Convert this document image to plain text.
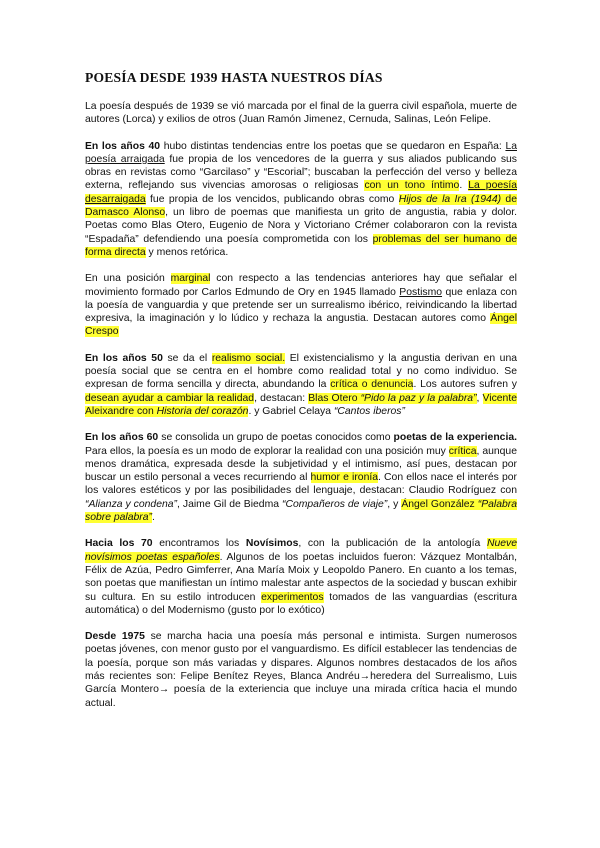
POESÍA DESDE 1939 HASTA NUESTROS DÍAS

La poesía después de 1939 se vió marcada por el final de la guerra civil española, muerte de autores (Lorca) y exilios de otros (Juan Ramón Jimenez, Cernuda, Salinas, León Felipe.

En los años 40 hubo distintas tendencias entre los poetas que se quedaron en España: La poesía arraigada fue propia de los vencedores de la guerra y sus aliados publicando sus obras en revistas como “Garcilaso” y “Escorial”; buscaban la perfección del verso y belleza externa, reflejando sus vivencias amorosas o religiosas con un tono íntimo. La poesía desarraigada fue propia de los vencidos, publicando obras como Hijos de la Ira (1944) de Damasco Alonso, un libro de poemas que manifiesta un grito de angustia, rabia y dolor. Poetas como Blas Otero, Eugenio de Nora y Victoriano Crémer colaboraron con la revista “Espadaña” defendiendo una poesía comprometida con los problemas del ser humano de forma directa y menos retórica.

En una posición marginal con respecto a las tendencias anteriores hay que señalar el movimiento formado por Carlos Edmundo de Ory en 1945 llamado Postismo que enlaza con la poesía de vanguardia y que pretende ser un surrealismo ibérico, reivindicando la libertad expresiva, la imaginación y lo lúdico y rechaza la angustia. Destacan autores como Ángel Crespo

En los años 50 se da el realismo social. El existencialismo y la angustia derivan en una poesía social que se centra en el hombre como realidad total y no como individuo. Se expresan de forma sencilla y directa, abundando la crítica o denuncia. Los autores sufren y desean ayudar a cambiar la realidad, destacan: Blas Otero “Pido la paz y la palabra”, Vicente Aleixandre con Historia del corazón. y Gabriel Celaya “Cantos iberos”

En los años 60 se consolida un grupo de poetas conocidos como poetas de la experiencia. Para ellos, la poesía es un modo de explorar la realidad con una posición muy crítica, aunque menos dramática, expresada desde la subjetividad y el intimismo, así pues, destacan por buscar un estilo personal a veces recurriendo al humor e ironía. Con ellos nace el interés por los valores estéticos y por las posibilidades del lenguaje, destacan: Claudio Rodríguez con “Alianza y condena”, Jaime Gil de Biedma “Compañeros de viaje”, y Ángel González “Palabra sobre palabra”.

Hacia los 70 encontramos los Novísimos, con la publicación de la antología Nueve novísimos poetas españoles. Algunos de los poetas incluidos fueron: Vázquez Montalbán, Félix de Azúa, Pedro Gimferrer, Ana María Moix y Leopoldo Panero. En cuanto a los temas, son poetas que manifiestan un íntimo malestar ante aspectos de la sociedad y buscan exhibir su cultura. En su estilo introducen experimentos tomados de las vanguardias (escritura automática) o del Modernismo (gusto por lo exótico)

Desde 1975 se marcha hacia una poesía más personal e intimista. Surgen numerosos poetas jóvenes, con menor gusto por el vanguardismo. Es difícil establecer las tendencias de la poesía, porque son más variadas y dispares. Algunos nombres destacados de los años más recientes son: Felipe Benítez Reyes, Blanca Andréu→heredera del Surrealismo, Luis García Montero→ poesía de la exteriencia que incluye una mirada crítica hacia el mundo actual.
